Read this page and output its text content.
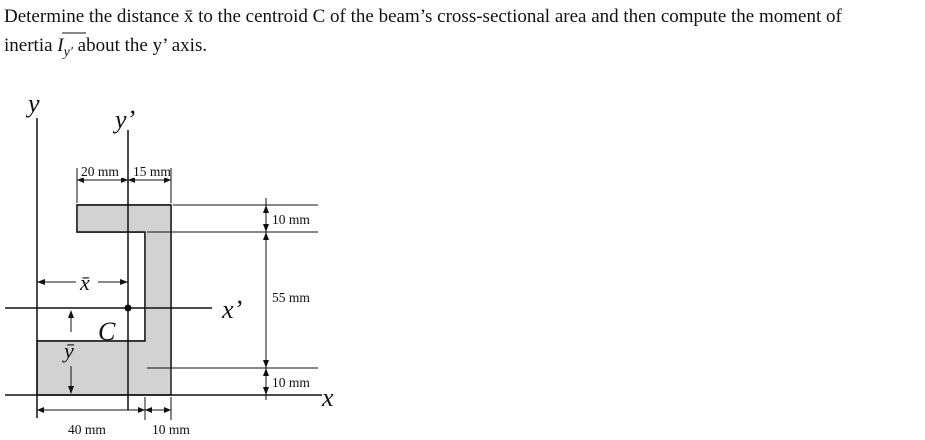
Determine the distance x̄ to the centroid C of the beam’s cross-sectional area and then compute the moment of
inertia $I_{y'}$ about the y’ axis.
y
y’
x’
x
C
x̄
ȳ
20 mm 15 mm
10 mm
55 mm
10 mm
40 mm	10 mm
